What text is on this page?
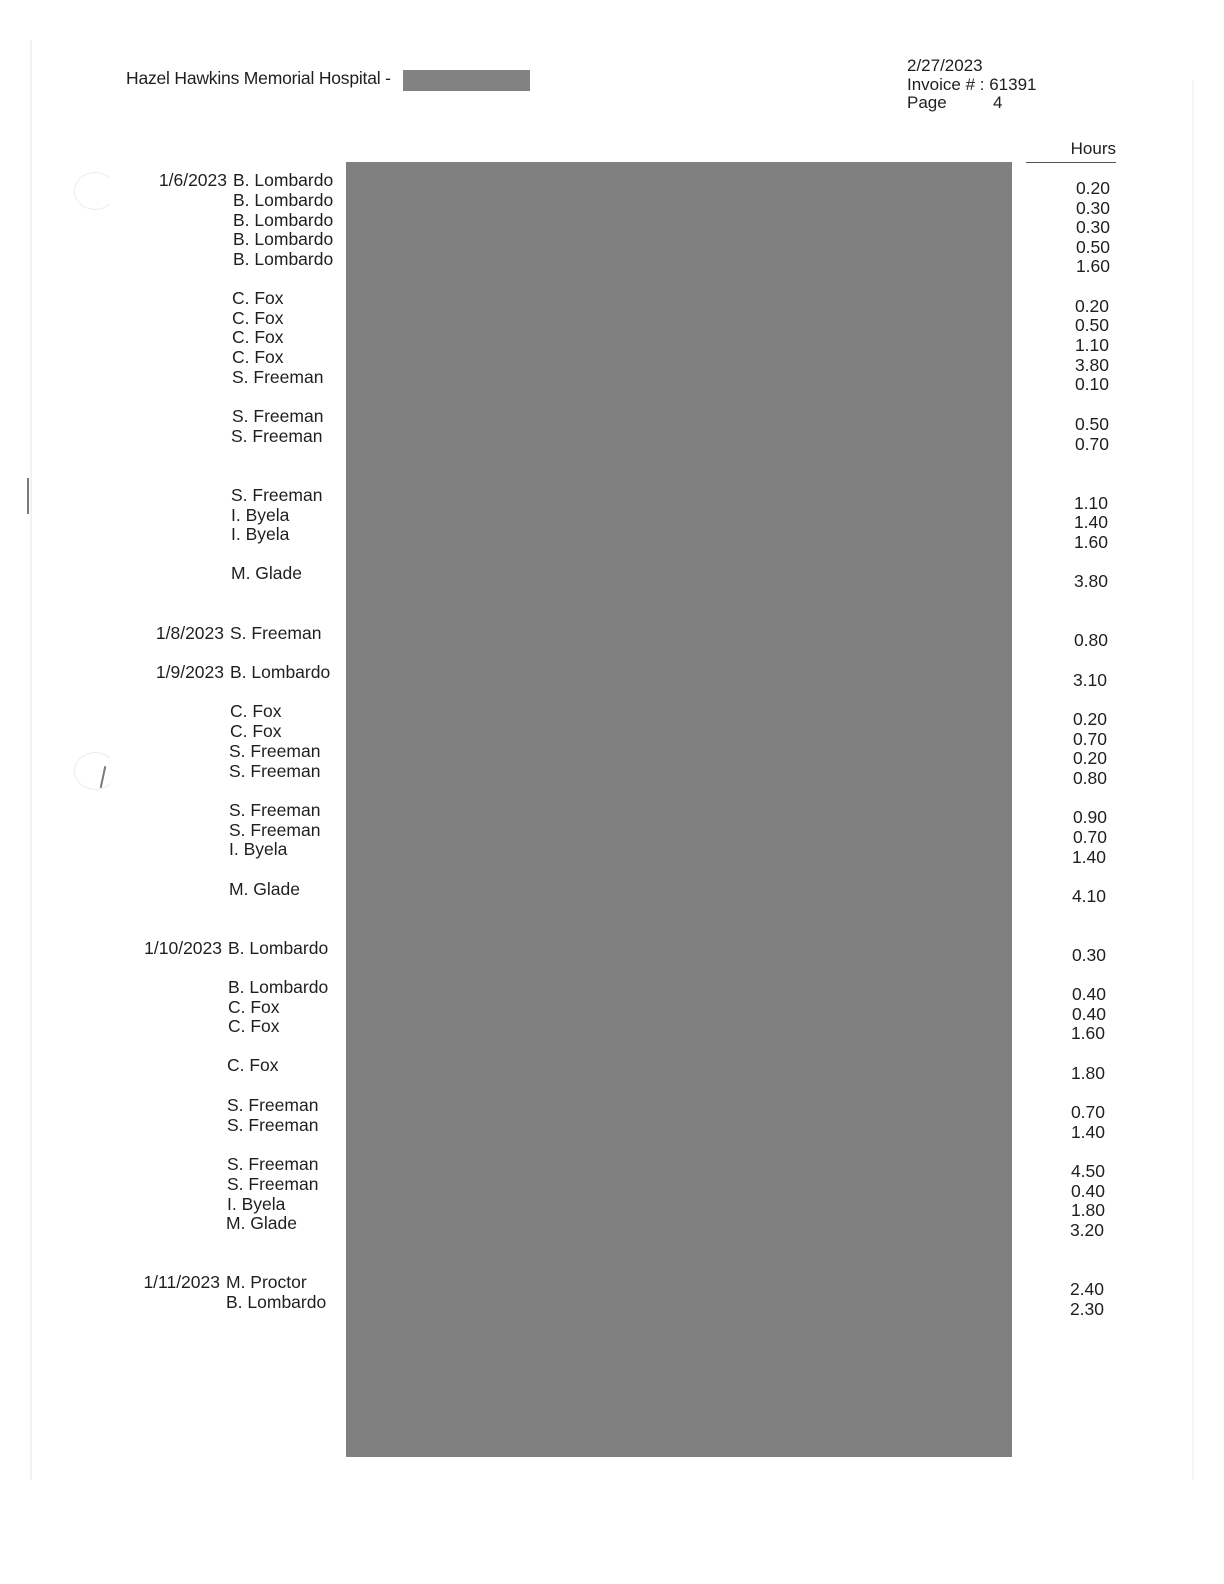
Hazel Hawkins Memorial Hospital -
2/27/2023
Invoice # : 61391
Page	4
Hours
1/6/2023 B. Lombardo	0.20
B. Lombardo	0.30
B. Lombardo	0.30
B. Lombardo	0.50
B. Lombardo	1.60
C. Fox	0.20
C. Fox	0.50
C. Fox	1.10
C. Fox	3.80
S. Freeman	0.10
S. Freeman	0.50
S. Freeman	0.70
S. Freeman	1.10
I. Byela	1.40
I. Byela	1.60
M. Glade	3.80
1/8/2023 S. Freeman	0.80
1/9/2023 B. Lombardo	3.10
C. Fox	0.20
C. Fox	0.70
S. Freeman	0.20
S. Freeman	0.80
S. Freeman	0.90
S. Freeman	0.70
I. Byela	1.40
M. Glade	4.10
1/10/2023 B. Lombardo	0.30
B. Lombardo	0.40
C. Fox	0.40
C. Fox	1.60
C. Fox	1.80
S. Freeman	0.70
S. Freeman	1.40
S. Freeman	4.50
S. Freeman	0.40
I. Byela	1.80
M. Glade	3.20
1/11/2023 M. Proctor	2.40
B. Lombardo	2.30
